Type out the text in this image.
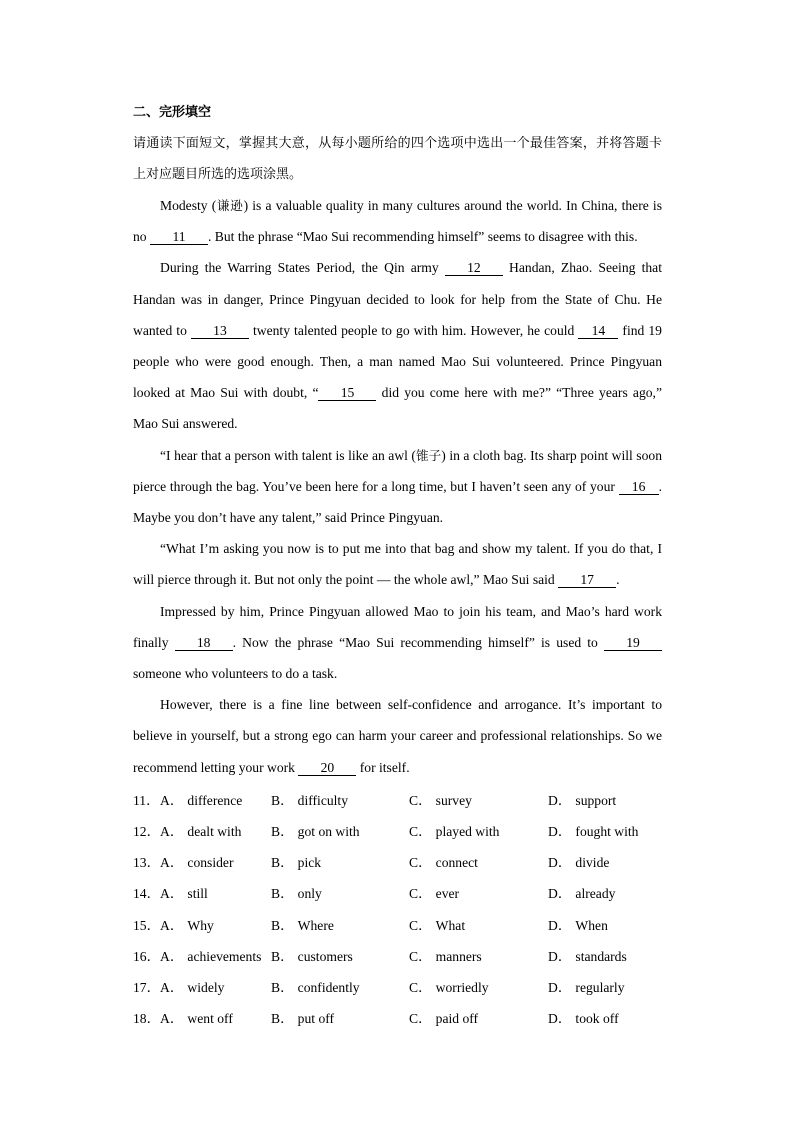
二、完形填空
请通读下面短文，掌握其大意，从每小题所给的四个选项中选出一个最佳答案，并将答题卡上对应题目所选的选项涂黑。

Modesty (谦逊) is a valuable quality in many cultures around the world. In China, there is no 11 . But the phrase “Mao Sui recommending himself” seems to disagree with this.

During the Warring States Period, the Qin army 12 Handan, Zhao. Seeing that Handan was in danger, Prince Pingyuan decided to look for help from the State of Chu. He wanted to 13 twenty talented people to go with him. However, he could 14 find 19 people who were good enough. Then, a man named Mao Sui volunteered. Prince Pingyuan looked at Mao Sui with doubt, “ 15 did you come here with me?” “Three years ago,” Mao Sui answered.

“I hear that a person with talent is like an awl (锥子) in a cloth bag. Its sharp point will soon pierce through the bag. You’ve been here for a long time, but I haven’t seen any of your 16 . Maybe you don’t have any talent,” said Prince Pingyuan.

“What I’m asking you now is to put me into that bag and show my talent. If you do that, I will pierce through it. But not only the point — the whole awl,” Mao Sui said 17 .

Impressed by him, Prince Pingyuan allowed Mao to join his team, and Mao’s hard work finally 18 . Now the phrase “Mao Sui recommending himself” is used to 19 someone who volunteers to do a task.

However, there is a fine line between self-confidence and arrogance. It’s important to believe in yourself, but a strong ego can harm your career and professional relationships. So we recommend letting your work 20 for itself.

11． A． difference B． difficulty	C． survey	D． support
12． A． dealt with B． got on with	C． played with	D． fought with
13． A． consider	B． pick	C． connect	D． divide
14． A． still	B． only	C． ever	D． already
15． A． Why	B． Where	C． What	D． When
16． A． achievements B． customers	C． manners	D． standards
17． A． widely	B． confidently	C． worriedly	D． regularly
18． A． went off	B． put off	C． paid off	D． took off
